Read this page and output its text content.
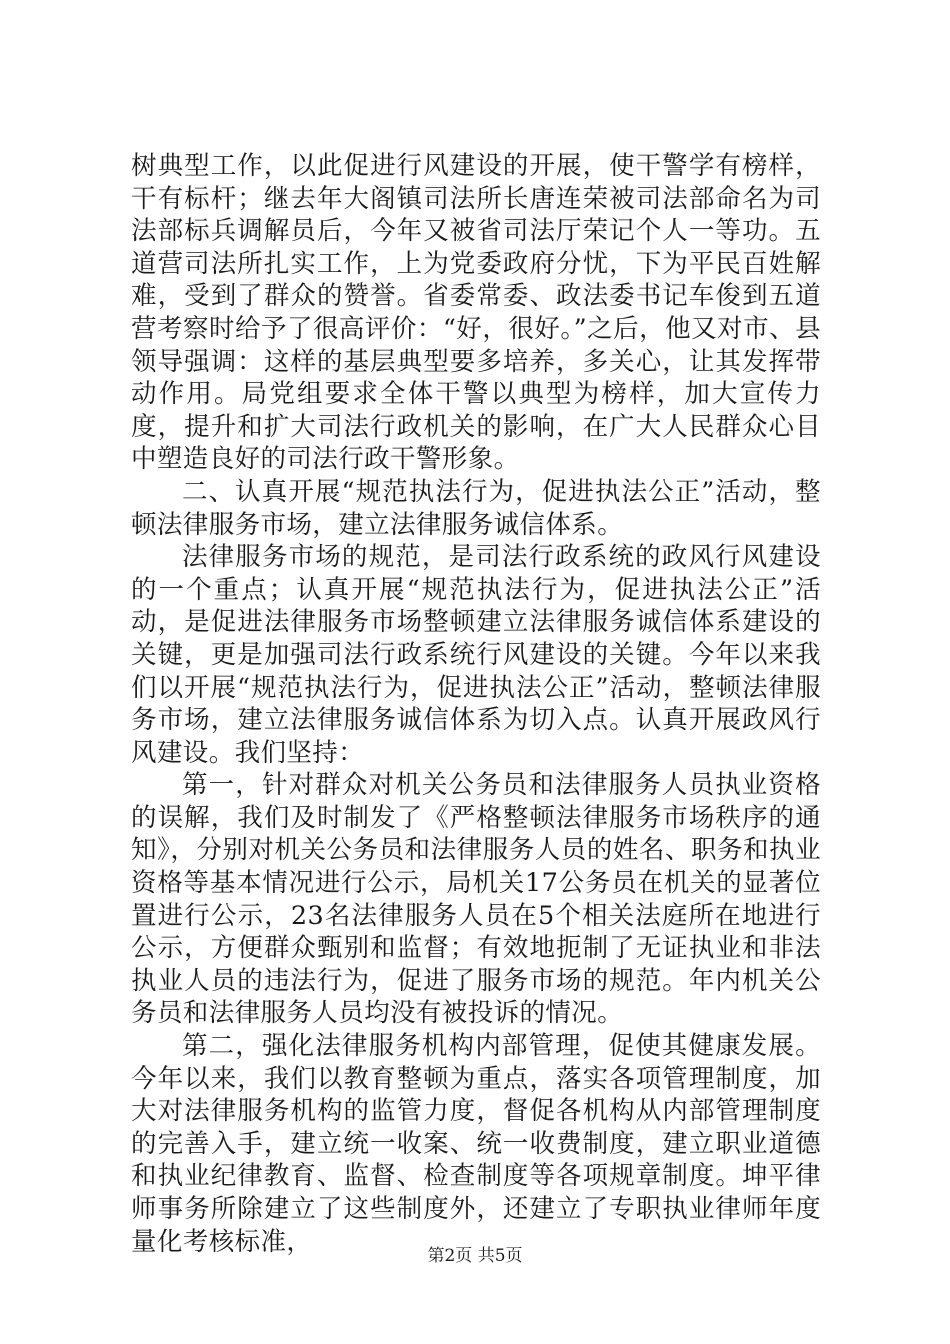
树典型工作，以此促进行风建设的开展，使干警学有榜样，干有标杆；继去年大阁镇司法所长唐连荣被司法部命名为司法部标兵调解员后，今年又被省司法厅荣记个人一等功。五道营司法所扎实工作，上为党委政府分忧，下为平民百姓解难，受到了群众的赞誉。省委常委、政法委书记车俊到五道营考察时给予了很高评价：“好，很好。”之后，他又对市、县领导强调：这样的基层典型要多培养，多关心，让其发挥带动作用。局党组要求全体干警以典型为榜样，加大宣传力度，提升和扩大司法行政机关的影响，在广大人民群众心目中塑造良好的司法行政干警形象。

二、认真开展“规范执法行为，促进执法公正”活动，整顿法律服务市场，建立法律服务诚信体系。

法律服务市场的规范，是司法行政系统的政风行风建设的一个重点；认真开展“规范执法行为，促进执法公正”活动，是促进法律服务市场整顿建立法律服务诚信体系建设的关键，更是加强司法行政系统行风建设的关键。今年以来我们以开展“规范执法行为，促进执法公正”活动，整顿法律服务市场，建立法律服务诚信体系为切入点。认真开展政风行风建设。我们坚持：

第一，针对群众对机关公务员和法律服务人员执业资格的误解，我们及时制发了《严格整顿法律服务市场秩序的通知》，分别对机关公务员和法律服务人员的姓名、职务和执业资格等基本情况进行公示，局机关17公务员在机关的显著位置进行公示，23名法律服务人员在5个相关法庭所在地进行公示，方便群众甄别和监督；有效地扼制了无证执业和非法执业人员的违法行为，促进了服务市场的规范。年内机关公务员和法律服务人员均没有被投诉的情况。

第二，强化法律服务机构内部管理，促使其健康发展。今年以来，我们以教育整顿为重点，落实各项管理制度，加大对法律服务机构的监管力度，督促各机构从内部管理制度的完善入手，建立统一收案、统一收费制度，建立职业道德和执业纪律教育、监督、检查制度等各项规章制度。坤平律师事务所除建立了这些制度外，还建立了专职执业律师年度量化考核标准，	第2页 共5页
